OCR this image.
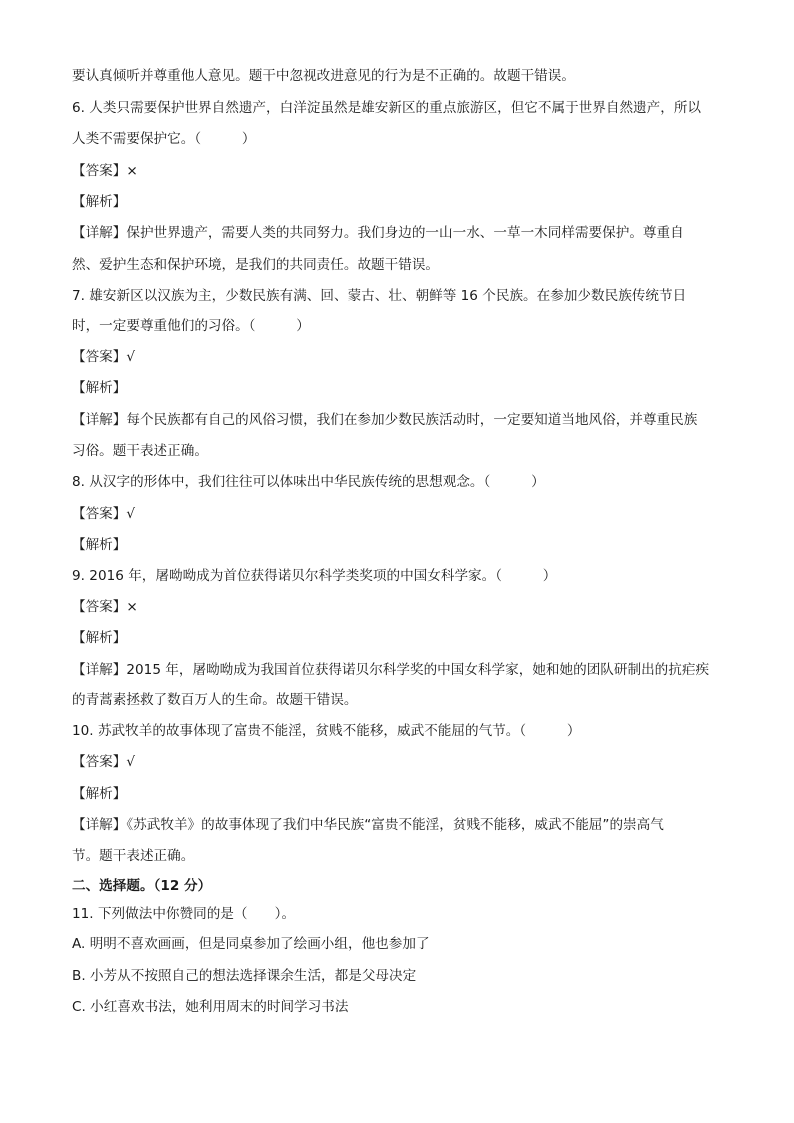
要认真倾听并尊重他人意见。题干中忽视改进意见的行为是不正确的。故题干错误。
6. 人类只需要保护世界自然遗产，白洋淀虽然是雄安新区的重点旅游区，但它不属于世界自然遗产，所以
人类不需要保护它。（　　　）
【答案】×
【解析】
【详解】保护世界遗产，需要人类的共同努力。我们身边的一山一水、一草一木同样需要保护。尊重自
然、爱护生态和保护环境，是我们的共同责任。故题干错误。
7. 雄安新区以汉族为主，少数民族有满、回、蒙古、壮、朝鲜等 16 个民族。在参加少数民族传统节日
时，一定要尊重他们的习俗。（　　　）
【答案】√
【解析】
【详解】每个民族都有自己的风俗习惯，我们在参加少数民族活动时，一定要知道当地风俗，并尊重民族
习俗。题干表述正确。
8. 从汉字的形体中，我们往往可以体味出中华民族传统的思想观念。（　　　）
【答案】√
【解析】
9. 2016 年，屠呦呦成为首位获得诺贝尔科学类奖项的中国女科学家。（　　　）
【答案】×
【解析】
【详解】2015 年，屠呦呦成为我国首位获得诺贝尔科学奖的中国女科学家，她和她的团队研制出的抗疟疾
的青蒿素拯救了数百万人的生命。故题干错误。
10. 苏武牧羊的故事体现了富贵不能淫，贫贱不能移，威武不能屈的气节。（　　　）
【答案】√
【解析】
【详解】《苏武牧羊》的故事体现了我们中华民族“富贵不能淫，贫贱不能移，威武不能屈”的崇高气
节。题干表述正确。
二、选择题。（12 分）
11. 下列做法中你赞同的是（　　）。
A. 明明不喜欢画画，但是同桌参加了绘画小组，他也参加了
B. 小芳从不按照自己的想法选择课余生活，都是父母决定
C. 小红喜欢书法，她利用周末的时间学习书法
